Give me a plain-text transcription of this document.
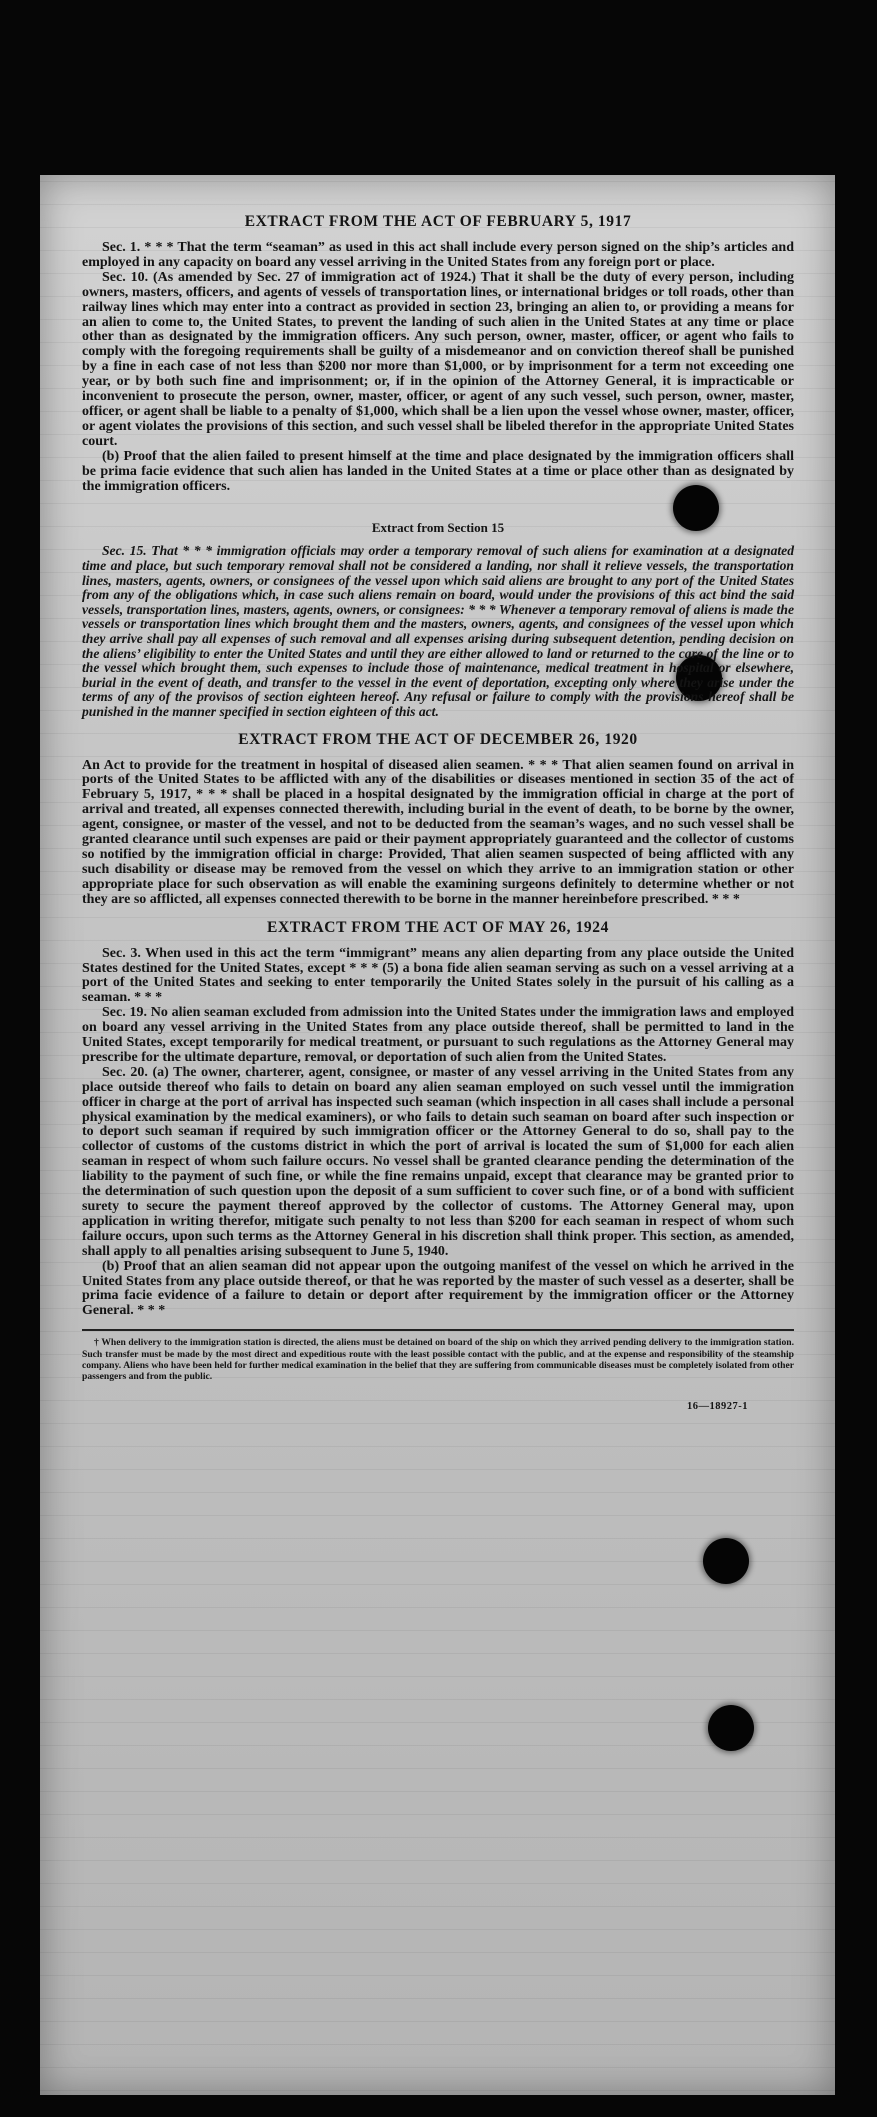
EXTRACT FROM THE ACT OF FEBRUARY 5, 1917

Sec. 1. * * * That the term “seaman” as used in this act shall include every person signed on the ship’s articles and employed in any capacity on board any vessel arriving in the United States from any foreign port or place.

Sec. 10. (As amended by Sec. 27 of immigration act of 1924.) That it shall be the duty of every person, including owners, masters, officers, and agents of vessels of transportation lines, or international bridges or toll roads, other than railway lines which may enter into a contract as provided in section 23, bringing an alien to, or providing a means for an alien to come to, the United States, to prevent the landing of such alien in the United States at any time or place other than as designated by the immigration officers. Any such person, owner, master, officer, or agent who fails to comply with the foregoing requirements shall be guilty of a misdemeanor and on conviction thereof shall be punished by a fine in each case of not less than $200 nor more than $1,000, or by imprisonment for a term not exceeding one year, or by both such fine and imprisonment; or, if in the opinion of the Attorney General, it is impracticable or inconvenient to prosecute the person, owner, master, officer, or agent of any such vessel, such person, owner, master, officer, or agent shall be liable to a penalty of $1,000, which shall be a lien upon the vessel whose owner, master, officer, or agent violates the provisions of this section, and such vessel shall be libeled therefor in the appropriate United States court.

(b) Proof that the alien failed to present himself at the time and place designated by the immigration officers shall be prima facie evidence that such alien has landed in the United States at a time or place other than as designated by the immigration officers.

Extract from Section 15

Sec. 15. That * * * immigration officials may order a temporary removal of such aliens for examination at a designated time and place, but such temporary removal shall not be considered a landing, nor shall it relieve vessels, the transportation lines, masters, agents, owners, or consignees of the vessel upon which said aliens are brought to any port of the United States from any of the obligations which, in case such aliens remain on board, would under the provisions of this act bind the said vessels, transportation lines, masters, agents, owners, or consignees: * * * Whenever a temporary removal of aliens is made the vessels or transportation lines which brought them and the masters, owners, agents, and consignees of the vessel upon which they arrive shall pay all expenses of such removal and all expenses arising during subsequent detention, pending decision on the aliens’ eligibility to enter the United States and until they are either allowed to land or returned to the care of the line or to the vessel which brought them, such expenses to include those of maintenance, medical treatment in hospital or elsewhere, burial in the event of death, and transfer to the vessel in the event of deportation, excepting only where they arise under the terms of any of the provisos of section eighteen hereof. Any refusal or failure to comply with the provisions hereof shall be punished in the manner specified in section eighteen of this act.

EXTRACT FROM THE ACT OF DECEMBER 26, 1920

An Act to provide for the treatment in hospital of diseased alien seamen. * * * That alien seamen found on arrival in ports of the United States to be afflicted with any of the disabilities or diseases mentioned in section 35 of the act of February 5, 1917, * * * shall be placed in a hospital designated by the immigration official in charge at the port of arrival and treated, all expenses connected therewith, including burial in the event of death, to be borne by the owner, agent, consignee, or master of the vessel, and not to be deducted from the seaman’s wages, and no such vessel shall be granted clearance until such expenses are paid or their payment appropriately guaranteed and the collector of customs so notified by the immigration official in charge: Provided, That alien seamen suspected of being afflicted with any such disability or disease may be removed from the vessel on which they arrive to an immigration station or other appropriate place for such observation as will enable the examining surgeons definitely to determine whether or not they are so afflicted, all expenses connected therewith to be borne in the manner hereinbefore prescribed. * * *

EXTRACT FROM THE ACT OF MAY 26, 1924

Sec. 3. When used in this act the term “immigrant” means any alien departing from any place outside the United States destined for the United States, except * * * (5) a bona fide alien seaman serving as such on a vessel arriving at a port of the United States and seeking to enter temporarily the United States solely in the pursuit of his calling as a seaman. * * *

Sec. 19. No alien seaman excluded from admission into the United States under the immigration laws and employed on board any vessel arriving in the United States from any place outside thereof, shall be permitted to land in the United States, except temporarily for medical treatment, or pursuant to such regulations as the Attorney General may prescribe for the ultimate departure, removal, or deportation of such alien from the United States.

Sec. 20. (a) The owner, charterer, agent, consignee, or master of any vessel arriving in the United States from any place outside thereof who fails to detain on board any alien seaman employed on such vessel until the immigration officer in charge at the port of arrival has inspected such seaman (which inspection in all cases shall include a personal physical examination by the medical examiners), or who fails to detain such seaman on board after such inspection or to deport such seaman if required by such immigration officer or the Attorney General to do so, shall pay to the collector of customs of the customs district in which the port of arrival is located the sum of $1,000 for each alien seaman in respect of whom such failure occurs. No vessel shall be granted clearance pending the determination of the liability to the payment of such fine, or while the fine remains unpaid, except that clearance may be granted prior to the determination of such question upon the deposit of a sum sufficient to cover such fine, or of a bond with sufficient surety to secure the payment thereof approved by the collector of customs. The Attorney General may, upon application in writing therefor, mitigate such penalty to not less than $200 for each seaman in respect of whom such failure occurs, upon such terms as the Attorney General in his discretion shall think proper. This section, as amended, shall apply to all penalties arising subsequent to June 5, 1940.

(b) Proof that an alien seaman did not appear upon the outgoing manifest of the vessel on which he arrived in the United States from any place outside thereof, or that he was reported by the master of such vessel as a deserter, shall be prima facie evidence of a failure to detain or deport after requirement by the immigration officer or the Attorney General. * * *

† When delivery to the immigration station is directed, the aliens must be detained on board of the ship on which they arrived pending delivery to the immigration station. Such transfer must be made by the most direct and expeditious route with the least possible contact with the public, and at the expense and responsibility of the steamship company. Aliens who have been held for further medical examination in the belief that they are suffering from communicable diseases must be completely isolated from other passengers and from the public.

16—18927-1
